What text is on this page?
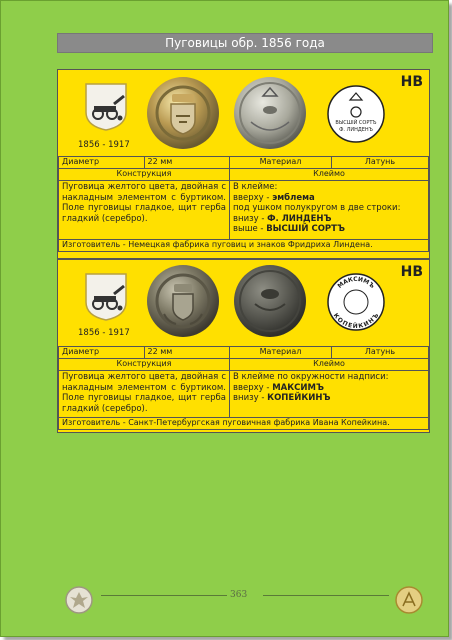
Пуговицы обр. 1856 года
1856 - 1917
ВЫСШІЙ СОРТЪ
Ф. ЛИНДЕНЪ
НВ
Диаметр	22 мм	Материал	Латунь
Конструкция		Клеймо	
Пуговица желтого цвета, двойная с накладным элементом с буртиком. Поле пуговицы гладкое, щит герба гладкий (серебро).		В клейме:
вверху - эмблема
под ушком полукругом в две строки:
внизу - Ф. ЛИНДЕНЪ
выше - ВЫСШІЙ СОРТЪ	

Изготовитель - Немецкая фабрика пуговиц и знаков Фридриха Линдена.			
1856 - 1917
МАКСИМЪ
КОПЕЙКИНЪ
НВ
Диаметр	22 мм	Материал	Латунь
Конструкция		Клеймо	
Пуговица желтого цвета, двойная с накладным элементом с буртиком. Поле пуговицы гладкое, щит герба гладкий (серебро).		В клейме по окружности надписи:
вверху - МАКСИМЪ
внизу - КОПЕЙКИНЪ	

Изготовитель - Санкт-Петербургская пуговичная фабрика Ивана Копейкина.			
363
